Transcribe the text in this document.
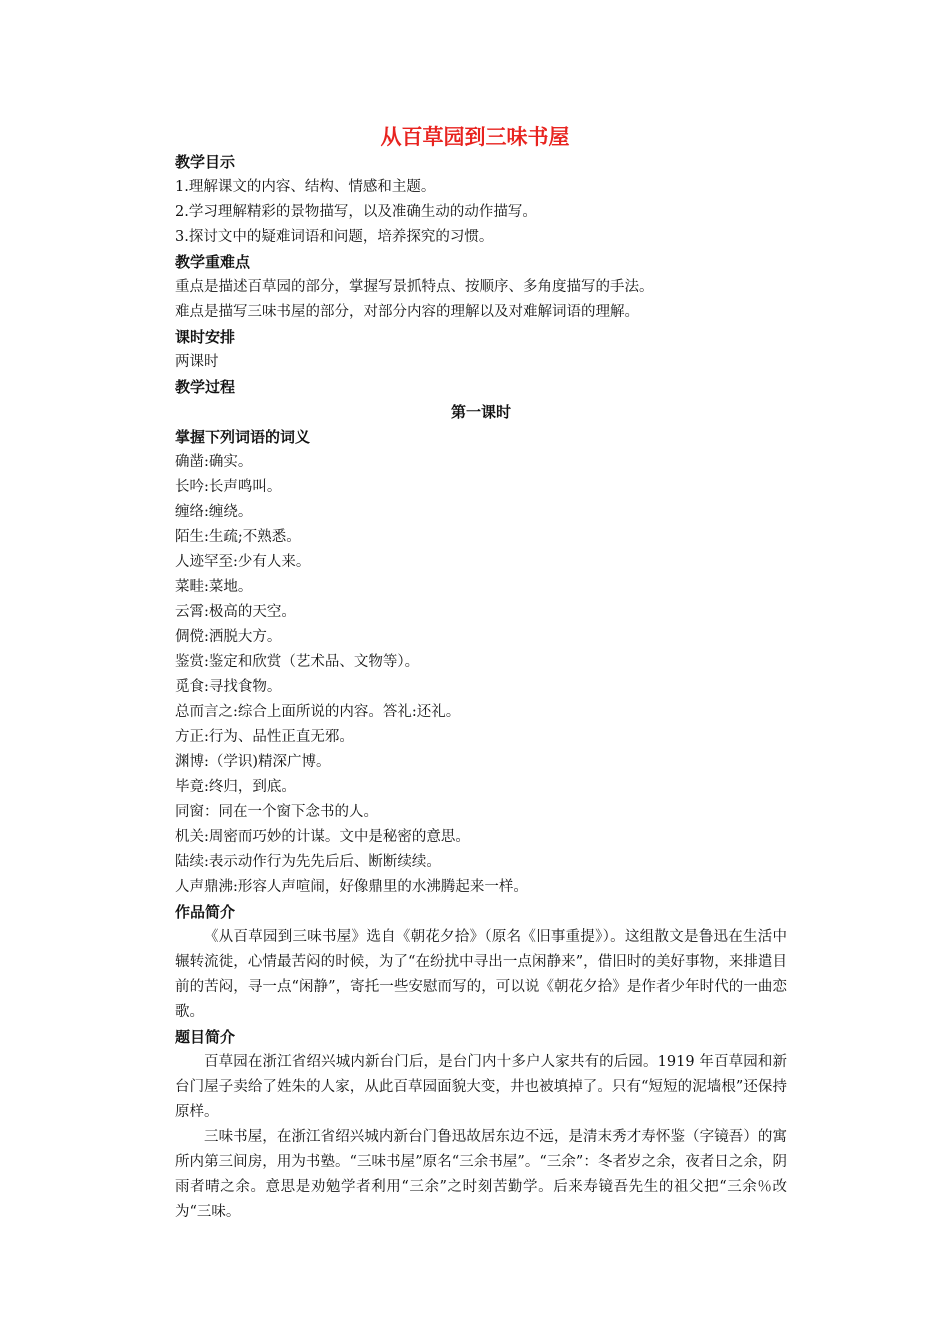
从百草园到三味书屋
教学目示
1.理解课文的内容、结构、情感和主题。
2.学习理解精彩的景物描写，以及准确生动的动作描写。
3.探讨文中的疑难词语和问题，培养探究的习惯。
教学重难点
重点是描述百草园的部分，掌握写景抓特点、按顺序、多角度描写的手法。
难点是描写三味书屋的部分，对部分内容的理解以及对难解词语的理解。
课时安排
两课时
教学过程
第一课时
掌握下列词语的词义
确凿:确实。
长吟:长声鸣叫。
缠络:缠绕。
陌生:生疏;不熟悉。
人迹罕至:少有人来。
菜畦:菜地。
云霄:极高的天空。
倜傥:洒脱大方。
鉴赏:鉴定和欣赏（艺术品、文物等）。
觅食:寻找食物。
总而言之:综合上面所说的内容。答礼:还礼。
方正:行为、品性正直无邪。
渊博:（学识)精深广博。
毕竟:终归，到底。
同窗：同在一个窗下念书的人。
机关:周密而巧妙的计谋。文中是秘密的意思。
陆续:表示动作行为先先后后、断断续续。
人声鼎沸:形容人声喧闹，好像鼎里的水沸腾起来一样。
作品简介
《从百草园到三味书屋》选自《朝花夕拾》（原名《旧事重提》）。这组散文是鲁迅在生活中辗转流徙，心情最苦闷的时候，为了“在纷扰中寻出一点闲静来”，借旧时的美好事物，来排遣目前的苦闷，寻一点“闲静”，寄托一些安慰而写的，可以说《朝花夕拾》是作者少年时代的一曲恋歌。
题目简介
百草园在浙江省绍兴城内新台门后，是台门内十多户人家共有的后园。1919 年百草园和新台门屋子卖给了姓朱的人家，从此百草园面貌大变，井也被填掉了。只有“短短的泥墙根”还保持原样。
三味书屋，在浙江省绍兴城内新台门鲁迅故居东边不远，是清末秀才寿怀鉴（字镜吾）的寓所内第三间房，用为书塾。“三味书屋”原名“三余书屋”。“三余”：冬者岁之余，夜者日之余，阴雨者晴之余。意思是劝勉学者利用“三余”之时刻苦勤学。后来寿镜吾先生的祖父把“三余％改为“三味。
